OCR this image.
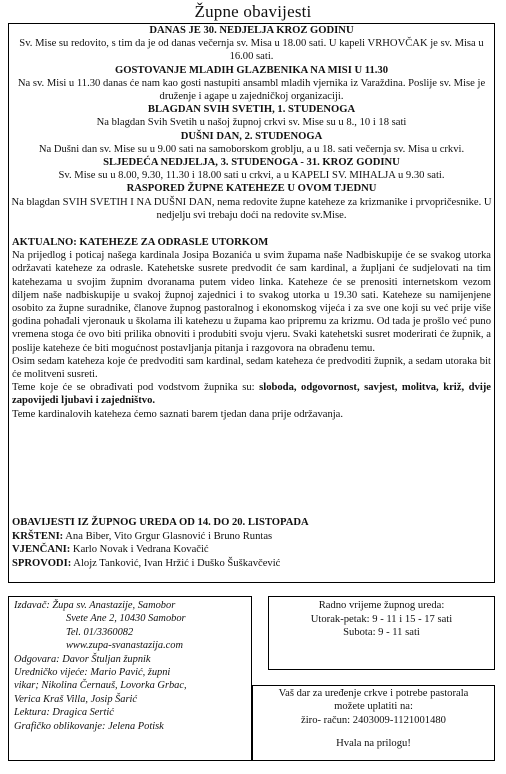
Župne obavijesti
DANAS JE 30. NEDJELJA KROZ GODINU
Sv. Mise su redovito, s tim da je od danas večernja sv. Misa u 18.00 sati. U kapeli VRHOVČAK je sv. Misa u 16.00 sati.
GOSTOVANJE MLADIH GLAZBENIKA NA MISI U 11.30
Na sv. Misi u 11.30 danas će nam kao gosti nastupiti ansambl mladih vjernika iz Varaždina. Poslije sv. Mise je druženje i agape u zajedničkoj organizaciji.
BLAGDAN SVIH SVETIH, 1. STUDENOGA
Na blagdan Svih Svetih u našoj župnoj crkvi sv. Mise su u 8., 10 i 18 sati
DUŠNI DAN, 2. STUDENOGA
Na Dušni dan sv. Mise su u 9.00 sati na samoborskom groblju, a u 18. sati večernja sv. Misa u crkvi.
SLJEDEĆA NEDJELJA, 3. STUDENOGA - 31. KROZ GODINU
Sv. Mise su u 8.00, 9.30, 11.30 i 18.00 sati u crkvi, a u KAPELI SV. MIHALJA u 9.30 sati.
RASPORED ŽUPNE KATEHEZE U OVOM TJEDNU
Na blagdan SVIH SVETIH I NA DUŠNI DAN, nema redovite župne kateheze za krizmanike i prvopričesnike. U nedjelju svi trebaju doći na redovite sv.Mise.
AKTUALNO: KATEHEZE ZA ODRASLE UTORKOM

Na prijedlog i poticaj našega kardinala Josipa Bozanića u svim župama naše Nadbiskupije će se svakog utorka održavati kateheze za odrasle. Katehetske susrete predvodit će sam kardinal, a župljani će sudjelovati na tim katehezama u svojim župnim dvoranama putem video linka. Kateheze će se prenositi internetskom vezom diljem naše nadbiskupije u svakoj župnoj zajednici i to svakog utorka u 19.30 sati. Kateheze su namijenjene osobito za župne suradnike, članove župnog pastoralnog i ekonomskog vijeća i za sve one koji su već prije više godina pohađali vjeronauk u školama ili katehezu u župama kao pripremu za krizmu. Od tada je prošlo već puno vremena stoga će ovo biti prilika obnoviti i produbiti svoju vjeru. Svaki katehetski susret moderirati će župnik, a poslije kateheze će biti mogućnost postavljanja pitanja i razgovora na obrađenu temu.

Osim sedam kateheza koje će predvoditi sam kardinal, sedam kateheza će predvoditi župnik, a sedam utoraka bit će molitveni susreti.

Teme koje će se obrađivati pod vodstvom župnika su: sloboda, odgovornost, savjest, molitva, križ, dvije zapovijedi ljubavi i zajedništvo.

Teme kardinalovih kateheza ćemo saznati barem tjedan dana prije održavanja.

OBAVIJESTI IZ ŽUPNOG UREDA OD 14. DO 20. LISTOPADA
KRŠTENI: Ana Biber, Vito Grgur Glasnović i Bruno Runtas
VJENČANI: Karlo Novak i Vedrana Kovačić
SPROVODI: Alojz Tanković, Ivan Hržić i Duško Šuškavčević
Izdavač: Župa sv. Anastazije, Samobor
Svete Ane 2, 10430 Samobor
Tel. 01/3360082
www.zupa-svanastazija.com
Odgovara: Davor Štuljan župnik
Uredničko vijeće: Mario Pavić, župni
vikar; Nikolina Černauš, Lovorka Grbac,
Verica Kraš Villa, Josip Šarić
Lektura: Dragica Sertić
Grafičko oblikovanje: Jelena Potisk
Radno vrijeme župnog ureda:
Utorak-petak: 9 - 11 i 15 - 17 sati
Subota: 9 - 11 sati
Vaš dar za uređenje crkve i potrebe pastorala
možete uplatiti na:
žiro- račun: 2403009-1121001480
Hvala na prilogu!
